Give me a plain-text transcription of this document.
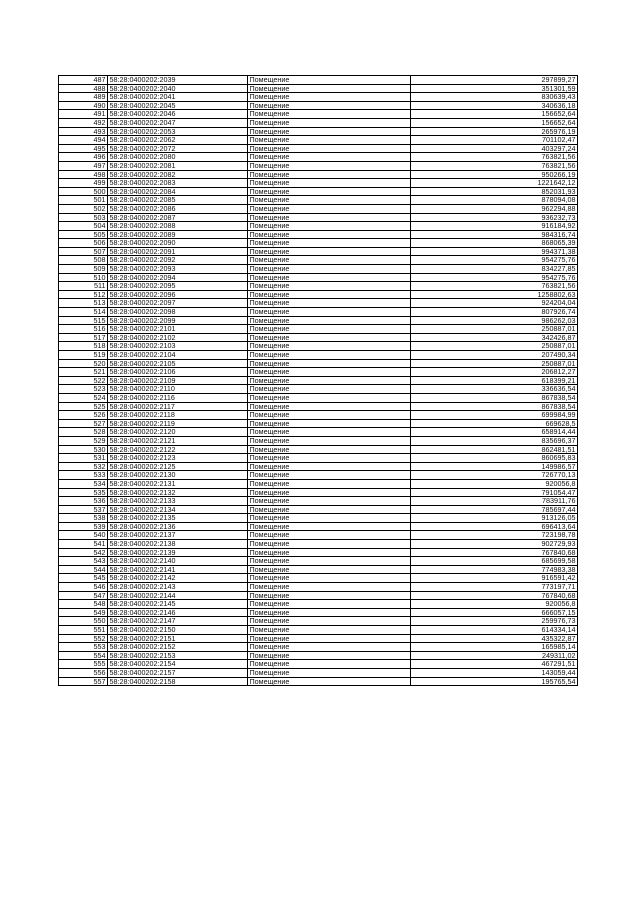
487	58:28:0400202:2039	Помещение	297899,27
488	58:28:0400202:2040	Помещение	351301,59
489	58:28:0400202:2041	Помещение	830639,43
490	58:28:0400202:2045	Помещение	340636,18
491	58:28:0400202:2046	Помещение	156652,64
492	58:28:0400202:2047	Помещение	156652,64
493	58:28:0400202:2053	Помещение	265976,19
494	58:28:0400202:2062	Помещение	701102,47
495	58:28:0400202:2072	Помещение	403297,24
496	58:28:0400202:2080	Помещение	763821,56
497	58:28:0400202:2081	Помещение	763821,56
498	58:28:0400202:2082	Помещение	950266,19
499	58:28:0400202:2083	Помещение	1221642,12
500	58:28:0400202:2084	Помещение	852031,93
501	58:28:0400202:2085	Помещение	878094,08
502	58:28:0400202:2086	Помещение	962294,88
503	58:28:0400202:2087	Помещение	936232,73
504	58:28:0400202:2088	Помещение	916184,92
505	58:28:0400202:2089	Помещение	984316,74
506	58:28:0400202:2090	Помещение	868065,39
507	58:28:0400202:2091	Помещение	994371,38
508	58:28:0400202:2092	Помещение	954275,76
509	58:28:0400202:2093	Помещение	834227,85
510	58:28:0400202:2094	Помещение	954275,76
511	58:28:0400202:2095	Помещение	763821,56
512	58:28:0400202:2096	Помещение	1258802,63
513	58:28:0400202:2097	Помещение	924204,04
514	58:28:0400202:2098	Помещение	807926,74
515	58:28:0400202:2099	Помещение	986262,03
516	58:28:0400202:2101	Помещение	250887,01
517	58:28:0400202:2102	Помещение	342426,87
518	58:28:0400202:2103	Помещение	250887,01
519	58:28:0400202:2104	Помещение	207490,34
520	58:28:0400202:2105	Помещение	250887,01
521	58:28:0400202:2106	Помещение	206812,27
522	58:28:0400202:2109	Помещение	618399,21
523	58:28:0400202:2110	Помещение	336636,54
524	58:28:0400202:2116	Помещение	867838,54
525	58:28:0400202:2117	Помещение	867838,54
526	58:28:0400202:2118	Помещение	699984,99
527	58:28:0400202:2119	Помещение	669628,5
528	58:28:0400202:2120	Помещение	658914,44
529	58:28:0400202:2121	Помещение	835696,37
530	58:28:0400202:2122	Помещение	862481,51
531	58:28:0400202:2123	Помещение	860695,83
532	58:28:0400202:2125	Помещение	149986,57
533	58:28:0400202:2130	Помещение	726770,13
534	58:28:0400202:2131	Помещение	920056,8
535	58:28:0400202:2132	Помещение	791054,47
536	58:28:0400202:2133	Помещение	783911,76
537	58:28:0400202:2134	Помещение	785697,44
538	58:28:0400202:2135	Помещение	913126,05
539	58:28:0400202:2136	Помещение	696413,64
540	58:28:0400202:2137	Помещение	723198,78
541	58:28:0400202:2138	Помещение	902729,93
542	58:28:0400202:2139	Помещение	767840,68
543	58:28:0400202:2140	Помещение	685699,58
544	58:28:0400202:2141	Помещение	774983,38
545	58:28:0400202:2142	Помещение	916591,42
546	58:28:0400202:2143	Помещение	773197,71
547	58:28:0400202:2144	Помещение	767840,68
548	58:28:0400202:2145	Помещение	920056,8
549	58:28:0400202:2146	Помещение	666057,15
550	58:28:0400202:2147	Помещение	259976,73
551	58:28:0400202:2150	Помещение	614334,14
552	58:28:0400202:2151	Помещение	435322,87
553	58:28:0400202:2152	Помещение	165985,14
554	58:28:0400202:2153	Помещение	249311,02
555	58:28:0400202:2154	Помещение	467291,51
556	58:28:0400202:2157	Помещение	143059,44
557	58:28:0400202:2158	Помещение	195765,54
